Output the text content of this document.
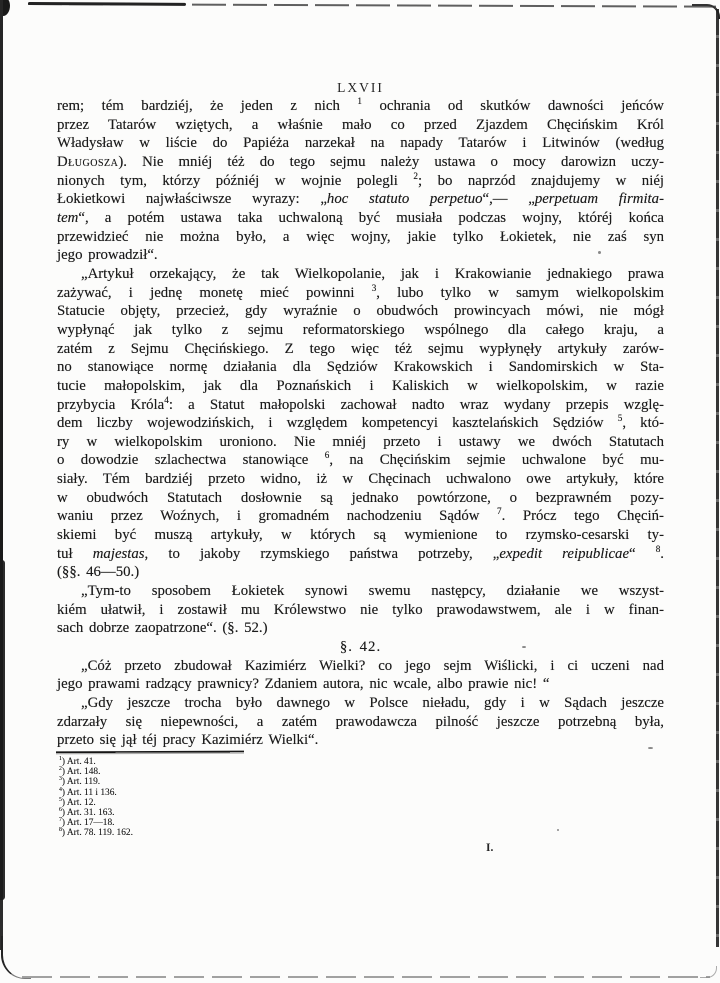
LXVII
rem; tém bardziéj, że jeden z nich $^1$ ochrania od skutków dawności jeńców
przez Tatarów wziętych, a właśnie mało co przed Zjazdem Chęcińskim Król
Władysław w liście do Papiéża narzekał na napady Tatarów i Litwinów (według
Długosza). Nie mniéj téż do tego sejmu należy ustawa o mocy darowizn uczy-
nionych tym, którzy późniéj w wojnie polegli $^2$; bo naprzód znajdujemy w niéj
Łokietkowi najwłaściwsze wyrazy: „hoc statuto perpetuo“,— „perpetuam firmita-
tem“, a potém ustawa taka uchwaloną być musiała podczas wojny, któréj końca
przewidzieć nie można było, a więc wojny, jakie tylko Łokietek, nie zaś syn
jego prowadził“.
„Artykuł orzekający, że tak Wielkopolanie, jak i Krakowianie jednakiego prawa
zażywać, i jednę monetę mieć powinni $^3$, lubo tylko w samym wielkopolskim
Statucie objęty, przecież, gdy wyraźnie o obudwóch prowincyach mówi, nie mógł
wypłynąć jak tylko z sejmu reformatorskiego wspólnego dla całego kraju, a
zatém z Sejmu Chęcińskiego. Z tego więc téż sejmu wypłynęły artykuły zarów-
no stanowiące normę działania dla Sędziów Krakowskich i Sandomirskich w Sta-
tucie małopolskim, jak dla Poznańskich i Kaliskich w wielkopolskim, w razie
przybycia Króla$^4$: a Statut małopolski zachował nadto wraz wydany przepis wzglę-
dem liczby wojewodzińskich, i względem kompetencyi kasztelańskich Sędziów $^5$, któ-
ry w wielkopolskim uroniono. Nie mniéj przeto i ustawy we dwóch Statutach
o dowodzie szlachectwa stanowiące $^6$, na Chęcińskim sejmie uchwalone być mu-
siały. Tém bardziéj przeto widno, iż w Chęcinach uchwalono owe artykuły, które
w obudwóch Statutach dosłownie są jednako powtórzone, o bezprawném pozy-
waniu przez Woźnych, i gromadném nachodzeniu Sądów $^7$. Prócz tego Chęciń-
skiemi być muszą artykuły, w których są wymienione to rzymsko-cesarski ty-
tuł majestas, to jakoby rzymskiego państwa potrzeby, „expedit reipublicae“ $^8$.
(§§. 46—50.)
„Tym-to sposobem Łokietek synowi swemu następcy, działanie we wszyst-
kiém ułatwił, i zostawił mu Królewstwo nie tylko prawodawstwem, ale i w finan-
sach dobrze zaopatrzone“. (§. 52.)
§. 42.
„Cóż przeto zbudował Kazimiérz Wielki? co jego sejm Wiślicki, i ci uczeni nad
jego prawami radzący prawnicy? Zdaniem autora, nic wcale, albo prawie nic! “
„Gdy jeszcze trocha było dawnego w Polsce nieładu, gdy i w Sądach jeszcze
zdarzały się niepewności, a zatém prawodawcza pilność jeszcze potrzebną była,
przeto się jął téj pracy Kazimiérz Wielki“.
$^1$) Art. 41.
$^2$) Art. 148.
$^3$) Art. 119.
$^4$) Art. 11 i 136.
$^5$) Art. 12.
$^6$) Art. 31. 163.
$^7$) Art. 17—18.
$^8$) Art. 78. 119. 162.
I.
